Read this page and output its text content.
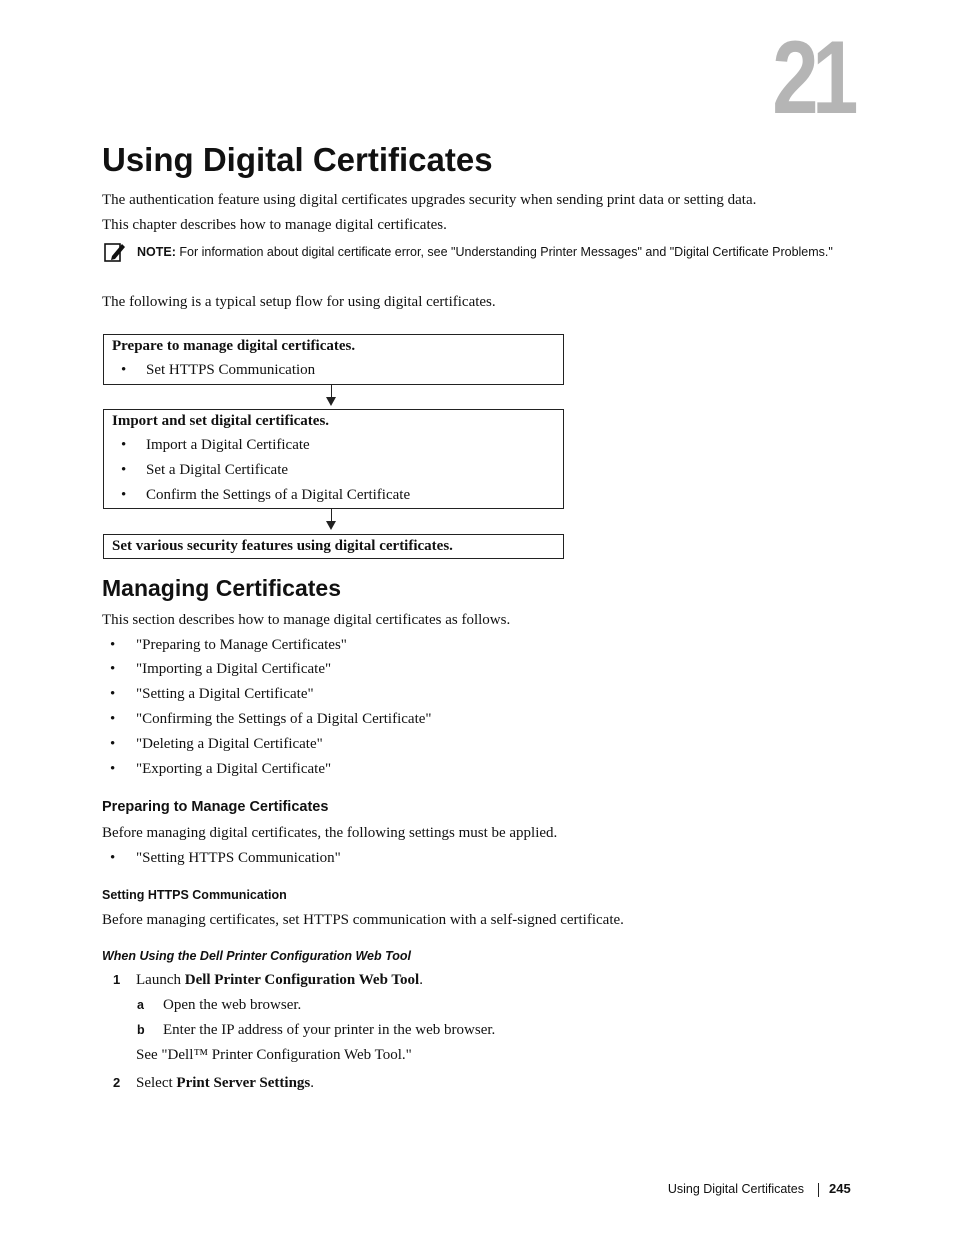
21
Using Digital Certificates
The authentication feature using digital certificates upgrades security when sending print data or setting data.
This chapter describes how to manage digital certificates.
NOTE: For information about digital certificate error, see "Understanding Printer Messages" and "Digital Certificate Problems."
The following is a typical setup flow for using digital certificates.
Prepare to manage digital certificates.
• Set HTTPS Communication
Import and set digital certificates.
• Import a Digital Certificate
• Set a Digital Certificate
• Confirm the Settings of a Digital Certificate
Set various security features using digital certificates.
Managing Certificates
This section describes how to manage digital certificates as follows.
• "Preparing to Manage Certificates"
• "Importing a Digital Certificate"
• "Setting a Digital Certificate"
• "Confirming the Settings of a Digital Certificate"
• "Deleting a Digital Certificate"
• "Exporting a Digital Certificate"
Preparing to Manage Certificates
Before managing digital certificates, the following settings must be applied.
• "Setting HTTPS Communication"
Setting HTTPS Communication
Before managing certificates, set HTTPS communication with a self-signed certificate.
When Using the Dell Printer Configuration Web Tool
1 Launch Dell Printer Configuration Web Tool.
a Open the web browser.
b Enter the IP address of your printer in the web browser.
See "Dell™ Printer Configuration Web Tool."
2 Select Print Server Settings.
Using Digital Certificates 245
